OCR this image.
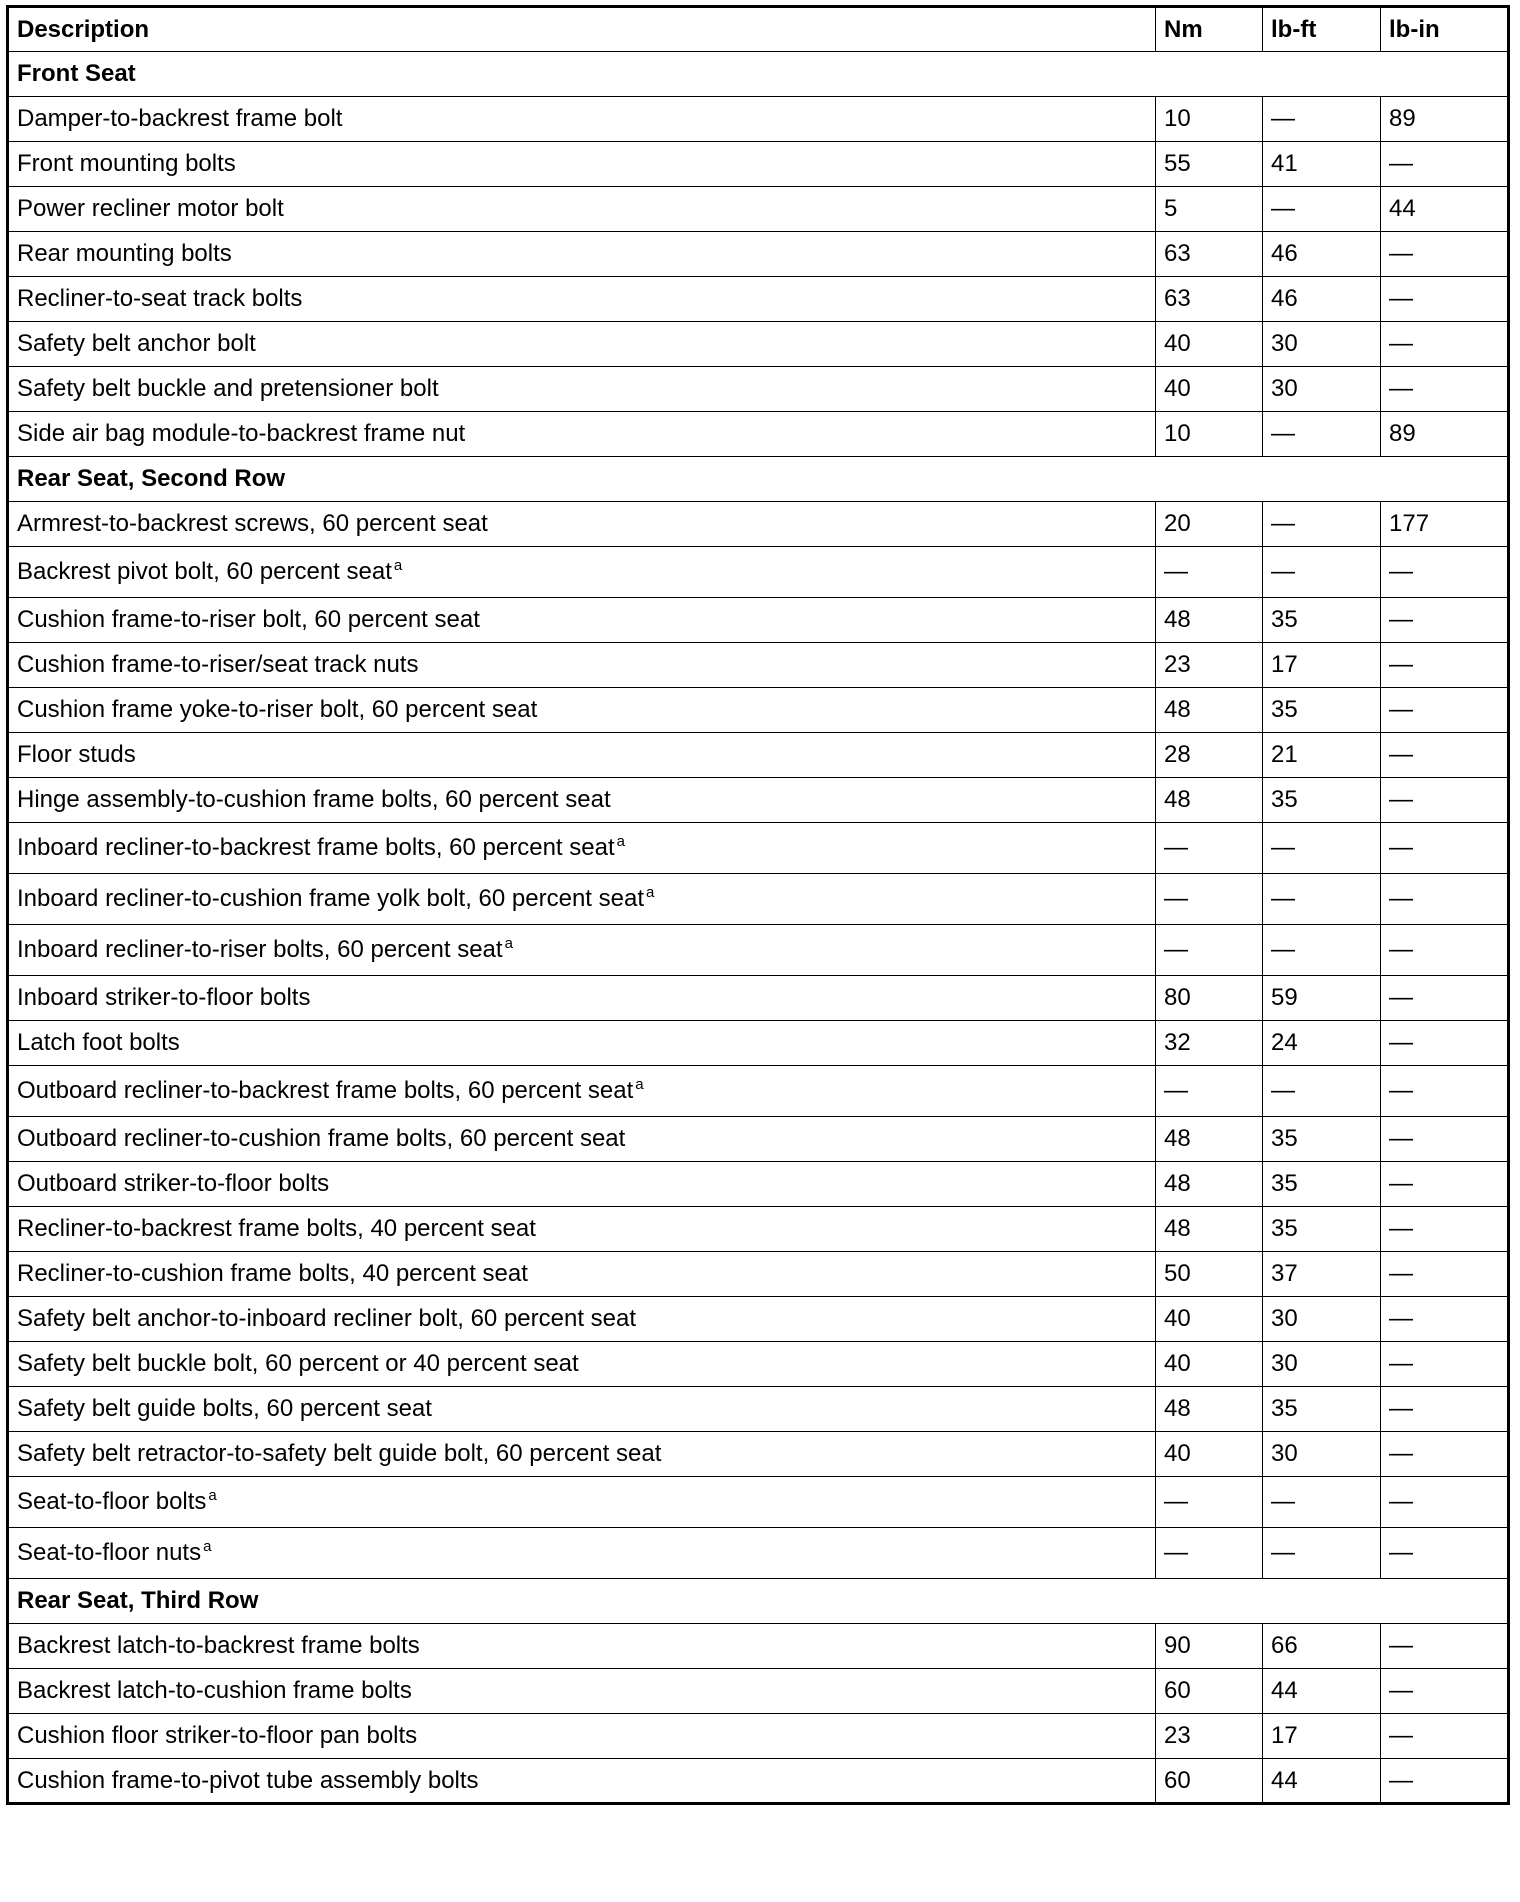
Description	Nm	lb-ft	lb-in
Front Seat			
Damper-to-backrest frame bolt	10	—	89
Front mounting bolts	55	41	—
Power recliner motor bolt	5	—	44
Rear mounting bolts	63	46	—
Recliner-to-seat track bolts	63	46	—
Safety belt anchor bolt	40	30	—
Safety belt buckle and pretensioner bolt	40	30	—
Side air bag module-to-backrest frame nut	10	—	89
Rear Seat, Second Row			
Armrest-to-backrest screws, 60 percent seat	20	—	177
Backrest pivot bolt, 60 percent seat $^a$	—	—	—
Cushion frame-to-riser bolt, 60 percent seat	48	35	—
Cushion frame-to-riser/seat track nuts	23	17	—
Cushion frame yoke-to-riser bolt, 60 percent seat	48	35	—
Floor studs	28	21	—
Hinge assembly-to-cushion frame bolts, 60 percent seat	48	35	—
Inboard recliner-to-backrest frame bolts, 60 percent seat $^a$	—	—	—
Inboard recliner-to-cushion frame yolk bolt, 60 percent seat $^a$	—	—	—
Inboard recliner-to-riser bolts, 60 percent seat $^a$	—	—	—
Inboard striker-to-floor bolts	80	59	—
Latch foot bolts	32	24	—
Outboard recliner-to-backrest frame bolts, 60 percent seat $^a$	—	—	—
Outboard recliner-to-cushion frame bolts, 60 percent seat	48	35	—
Outboard striker-to-floor bolts	48	35	—
Recliner-to-backrest frame bolts, 40 percent seat	48	35	—
Recliner-to-cushion frame bolts, 40 percent seat	50	37	—
Safety belt anchor-to-inboard recliner bolt, 60 percent seat	40	30	—
Safety belt buckle bolt, 60 percent or 40 percent seat	40	30	—
Safety belt guide bolts, 60 percent seat	48	35	—
Safety belt retractor-to-safety belt guide bolt, 60 percent seat	40	30	—
Seat-to-floor bolts $^a$	—	—	—
Seat-to-floor nuts $^a$	—	—	—
Rear Seat, Third Row			
Backrest latch-to-backrest frame bolts	90	66	—
Backrest latch-to-cushion frame bolts	60	44	—
Cushion floor striker-to-floor pan bolts	23	17	—
Cushion frame-to-pivot tube assembly bolts	60	44	—
